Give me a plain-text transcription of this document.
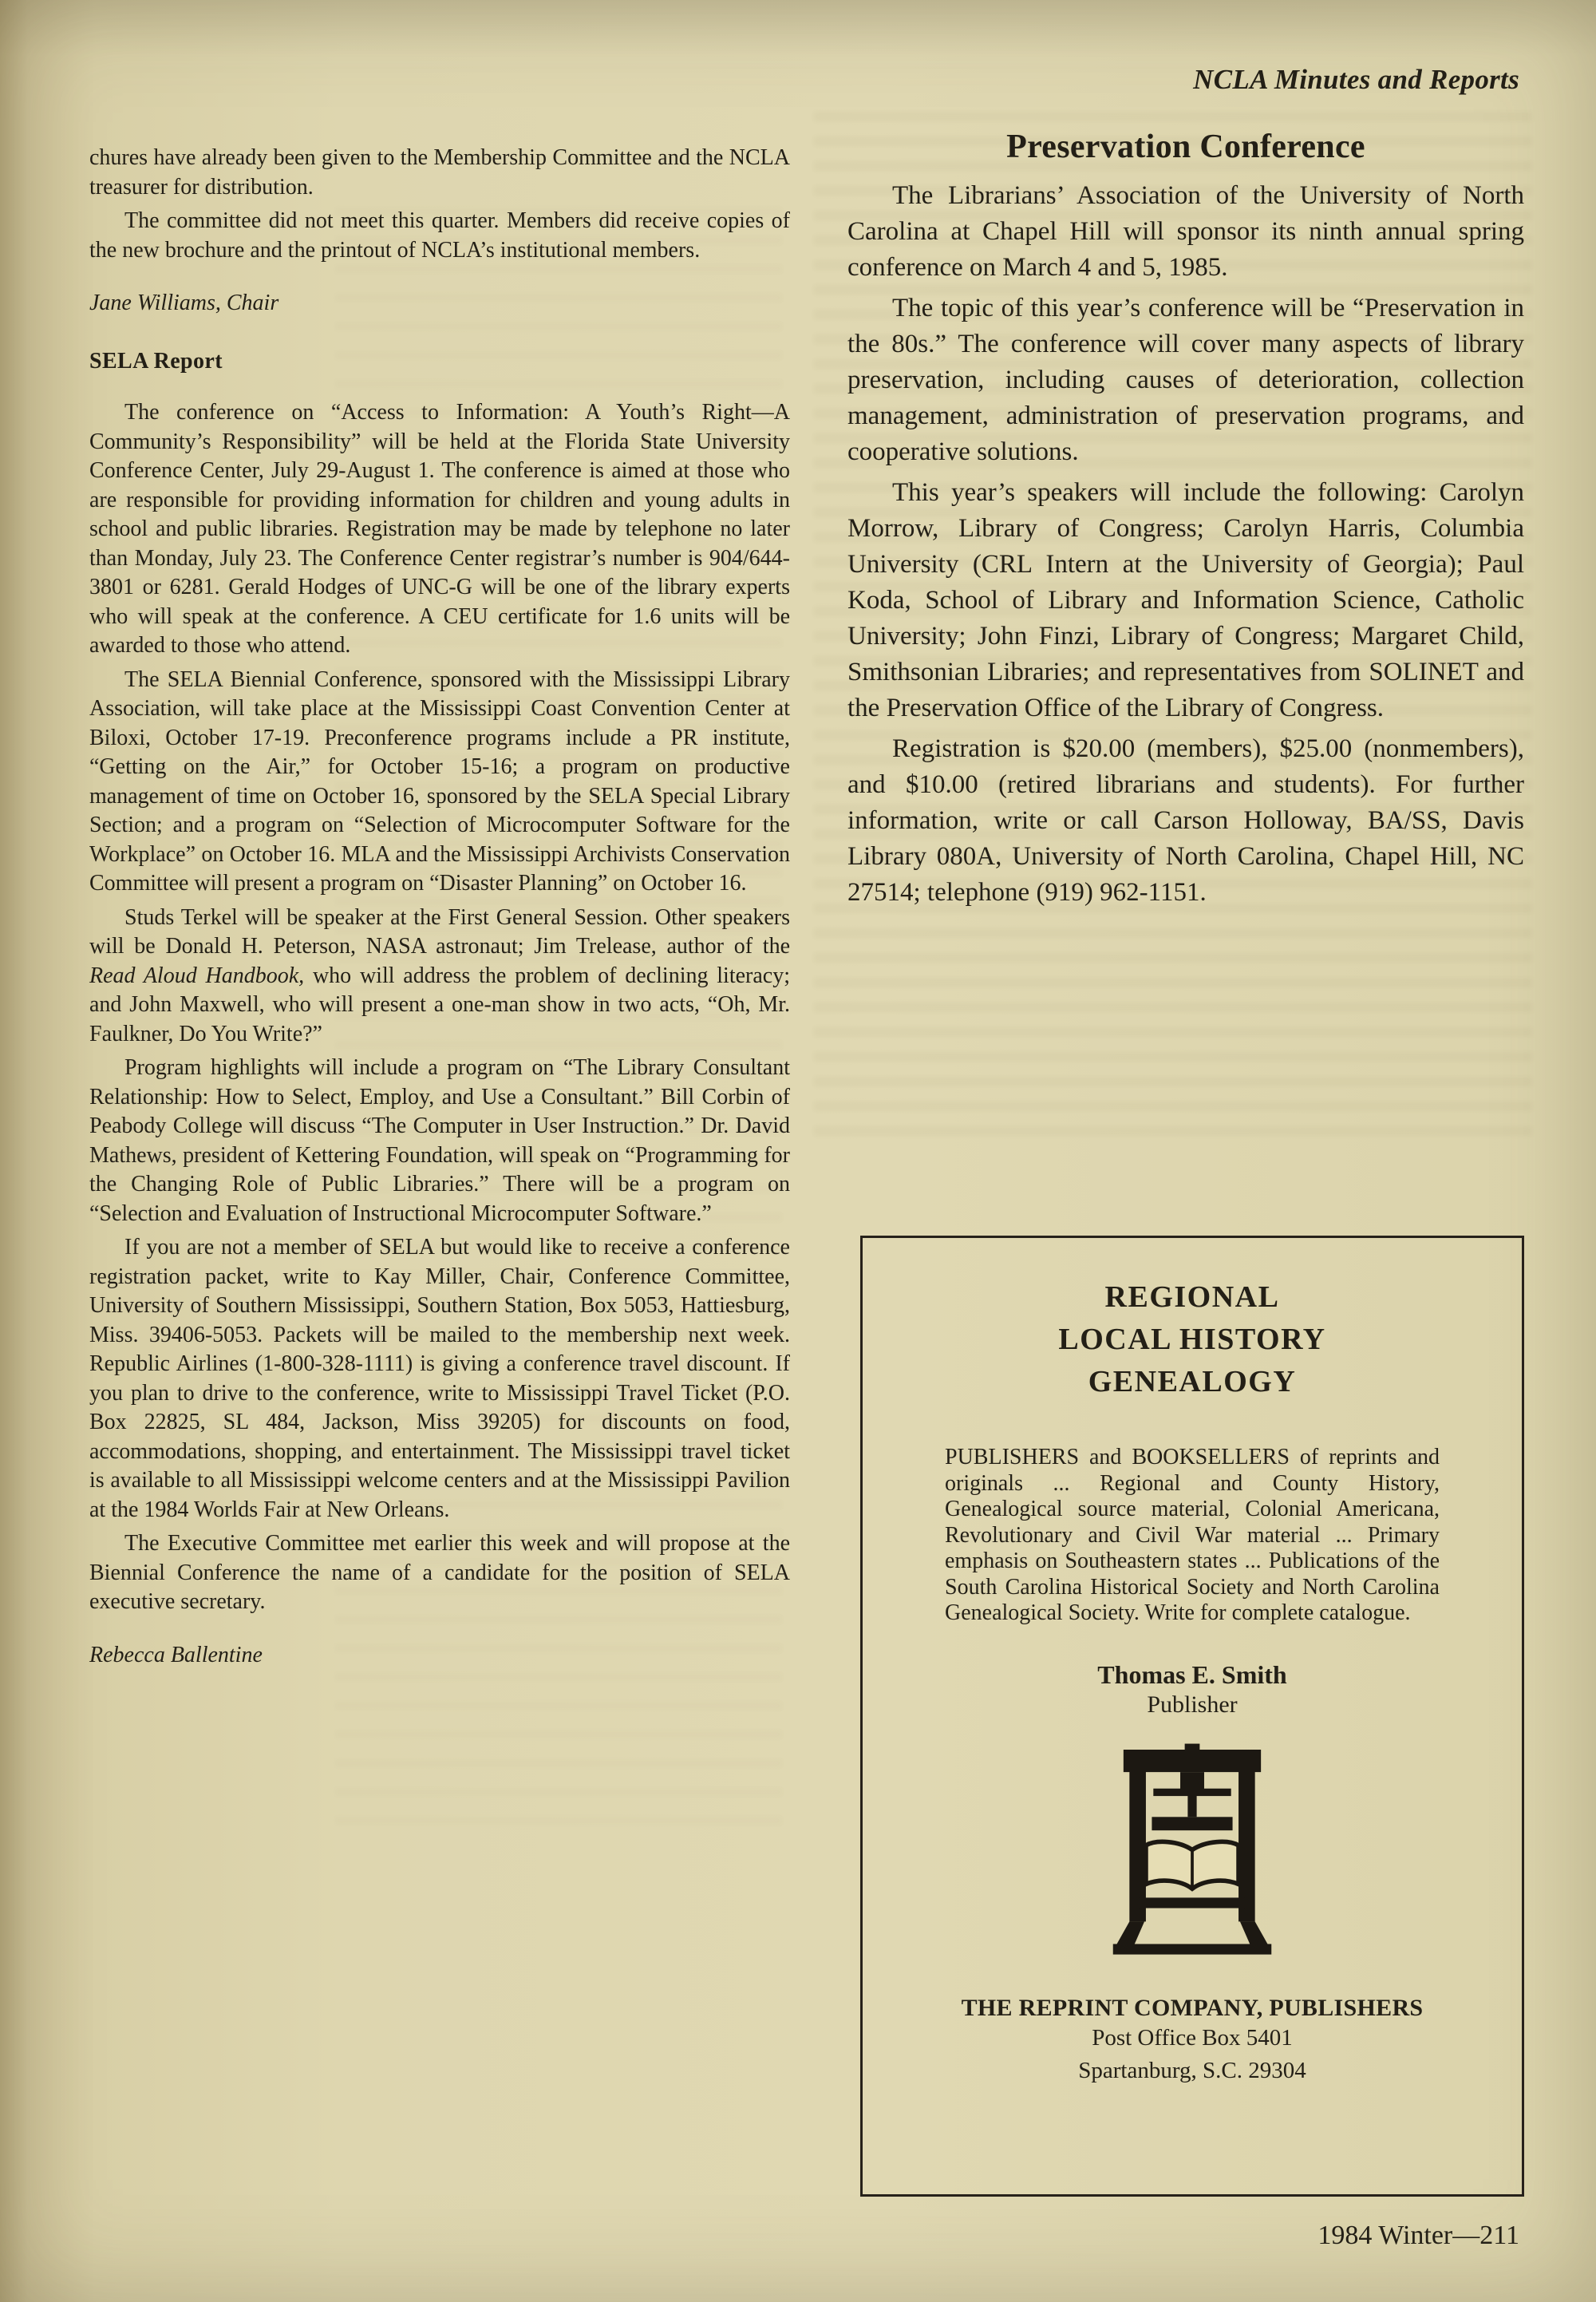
NCLA Minutes and Reports

chures have already been given to the Membership Committee and the NCLA treasurer for distribution.

The committee did not meet this quarter. Members did receive copies of the new brochure and the printout of NCLA’s institutional members.

Jane Williams, Chair

SELA Report

The conference on “Access to Information: A Youth’s Right—A Community’s Responsibility” will be held at the Florida State University Conference Center, July 29-August 1. The conference is aimed at those who are responsible for providing information for children and young adults in school and public libraries. Registration may be made by telephone no later than Monday, July 23. The Conference Center registrar’s number is 904/644-3801 or 6281. Gerald Hodges of UNC-G will be one of the library experts who will speak at the conference. A CEU certificate for 1.6 units will be awarded to those who attend.

The SELA Biennial Conference, sponsored with the Mississippi Library Association, will take place at the Mississippi Coast Convention Center at Biloxi, October 17-19. Preconference programs include a PR institute, “Getting on the Air,” for October 15-16; a program on productive management of time on October 16, sponsored by the SELA Special Library Section; and a program on “Selection of Microcomputer Software for the Workplace” on October 16. MLA and the Mississippi Archivists Conservation Committee will present a program on “Disaster Planning” on October 16.

Studs Terkel will be speaker at the First General Session. Other speakers will be Donald H. Peterson, NASA astronaut; Jim Trelease, author of the Read Aloud Handbook, who will address the problem of declining literacy; and John Maxwell, who will present a one-man show in two acts, “Oh, Mr. Faulkner, Do You Write?”

Program highlights will include a program on “The Library Consultant Relationship: How to Select, Employ, and Use a Consultant.” Bill Corbin of Peabody College will discuss “The Computer in User Instruction.” Dr. David Mathews, president of Kettering Foundation, will speak on “Programming for the Changing Role of Public Libraries.” There will be a program on “Selection and Evaluation of Instructional Microcomputer Software.”

If you are not a member of SELA but would like to receive a conference registration packet, write to Kay Miller, Chair, Conference Committee, University of Southern Mississippi, Southern Station, Box 5053, Hattiesburg, Miss. 39406-5053. Packets will be mailed to the membership next week. Republic Airlines (1-800-328-1111) is giving a conference travel discount. If you plan to drive to the conference, write to Mississippi Travel Ticket (P.O. Box 22825, SL 484, Jackson, Miss 39205) for discounts on food, accommodations, shopping, and entertainment. The Mississippi travel ticket is available to all Mississippi welcome centers and at the Mississippi Pavilion at the 1984 Worlds Fair at New Orleans.

The Executive Committee met earlier this week and will propose at the Biennial Conference the name of a candidate for the position of SELA executive secretary.

Rebecca Ballentine

Preservation Conference

The Librarians’ Association of the University of North Carolina at Chapel Hill will sponsor its ninth annual spring conference on March 4 and 5, 1985.

The topic of this year’s conference will be “Preservation in the 80s.” The conference will cover many aspects of library preservation, including causes of deterioration, collection management, administration of preservation programs, and cooperative solutions.

This year’s speakers will include the following: Carolyn Morrow, Library of Congress; Carolyn Harris, Columbia University (CRL Intern at the University of Georgia); Paul Koda, School of Library and Information Science, Catholic University; John Finzi, Library of Congress; Margaret Child, Smithsonian Libraries; and representatives from SOLINET and the Preservation Office of the Library of Congress.

Registration is $20.00 (members), $25.00 (nonmembers), and $10.00 (retired librarians and students). For further information, write or call Carson Holloway, BA/SS, Davis Library 080A, University of North Carolina, Chapel Hill, NC 27514; telephone (919) 962-1151.

REGIONAL
LOCAL HISTORY
GENEALOGY

PUBLISHERS and BOOKSELLERS of reprints and originals ... Regional and County History, Genealogical source material, Colonial Americana, Revolutionary and Civil War material ... Primary emphasis on Southeastern states ... Publications of the South Carolina Historical Society and North Carolina Genealogical Society. Write for complete catalogue.

Thomas E. Smith
Publisher
THE REPRINT COMPANY, PUBLISHERS
Post Office Box 5401
Spartanburg, S.C. 29304
1984 Winter—211
